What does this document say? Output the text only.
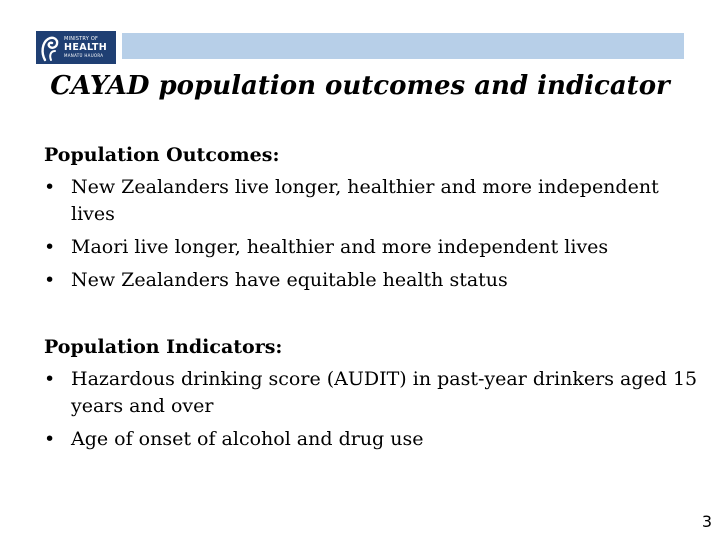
MINISTRY OF
HEALTH
MANATŪ HAUORA
CAYAD population outcomes and indicator
Population Outcomes:
• New Zealanders live longer, healthier and more independent lives
• Maori live longer, healthier and more independent lives
• New Zealanders have equitable health status
Population Indicators:
• Hazardous drinking score (AUDIT) in past-year drinkers aged 15 years and over
• Age of onset of alcohol and drug use
3
